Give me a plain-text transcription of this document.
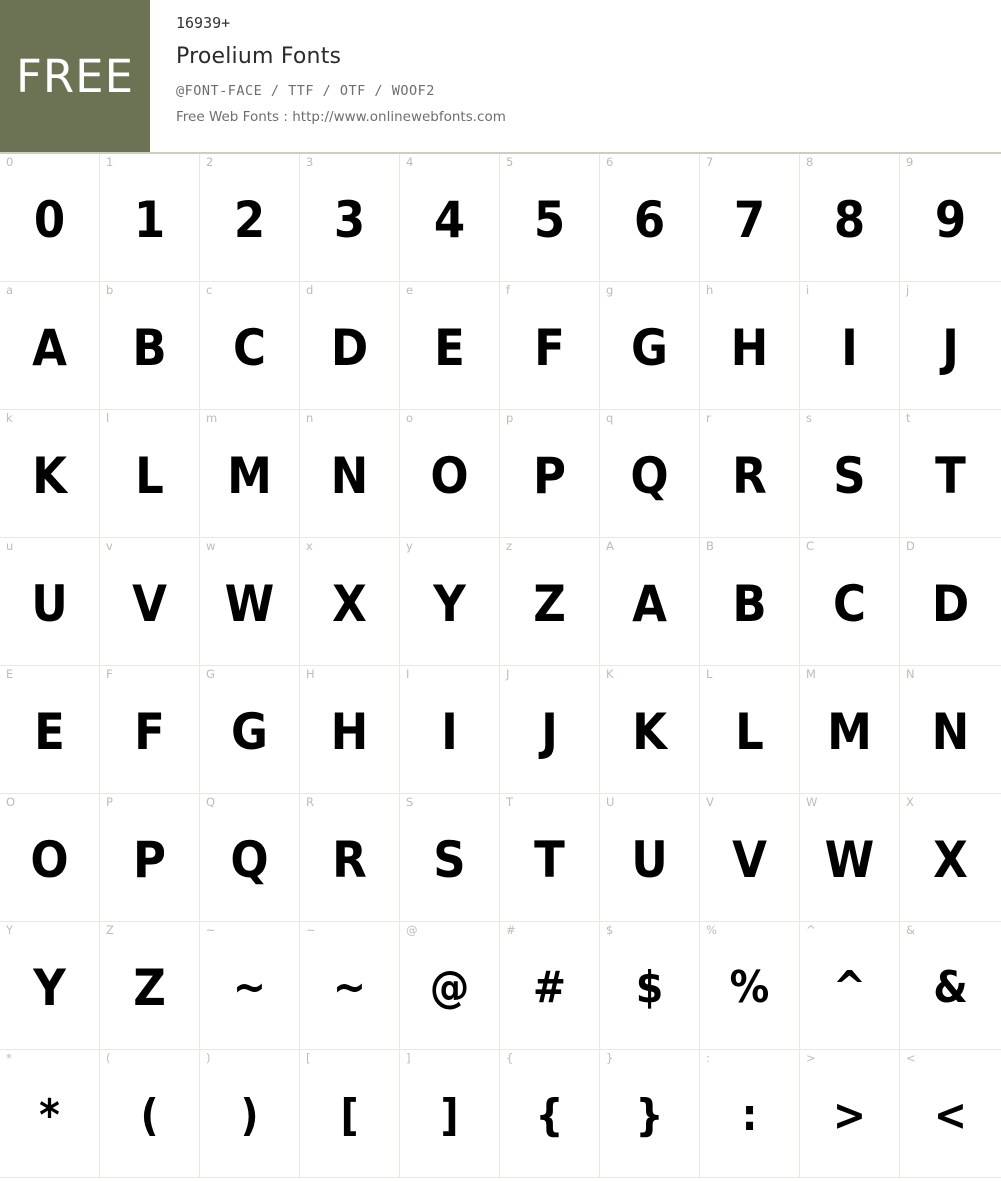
FREE
16939+
Proelium Fonts
@FONT-FACE / TTF / OTF / WOOF2
Free Web Fonts : http://www.onlinewebfonts.com
0
0
1
1
2
2
3
3
4
4
5
5
6
6
7
7
8
8
9
9
a
A
b
B
c
C
d
D
e
E
f
F
g
G
h
H
i
I
j
J
k
K
l
L
m
M
n
N
o
O
p
P
q
Q
r
R
s
S
t
T
u
U
v
V
w
W
x
X
y
Y
z
Z
A
A
B
B
C
C
D
D
E
E
F
F
G
G
H
H
I
I
J
J
K
K
L
L
M
M
N
N
O
O
P
P
Q
Q
R
R
S
S
T
T
U
U
V
V
W
W
X
X
Y
Y
Z
Z
~
~
~
~
@
@
#
#
$
$
%
%
^
^
&
&
*
*
(
(
)
)
[
[
]
]
{
{
}
}
:
:
>
>
<
<
